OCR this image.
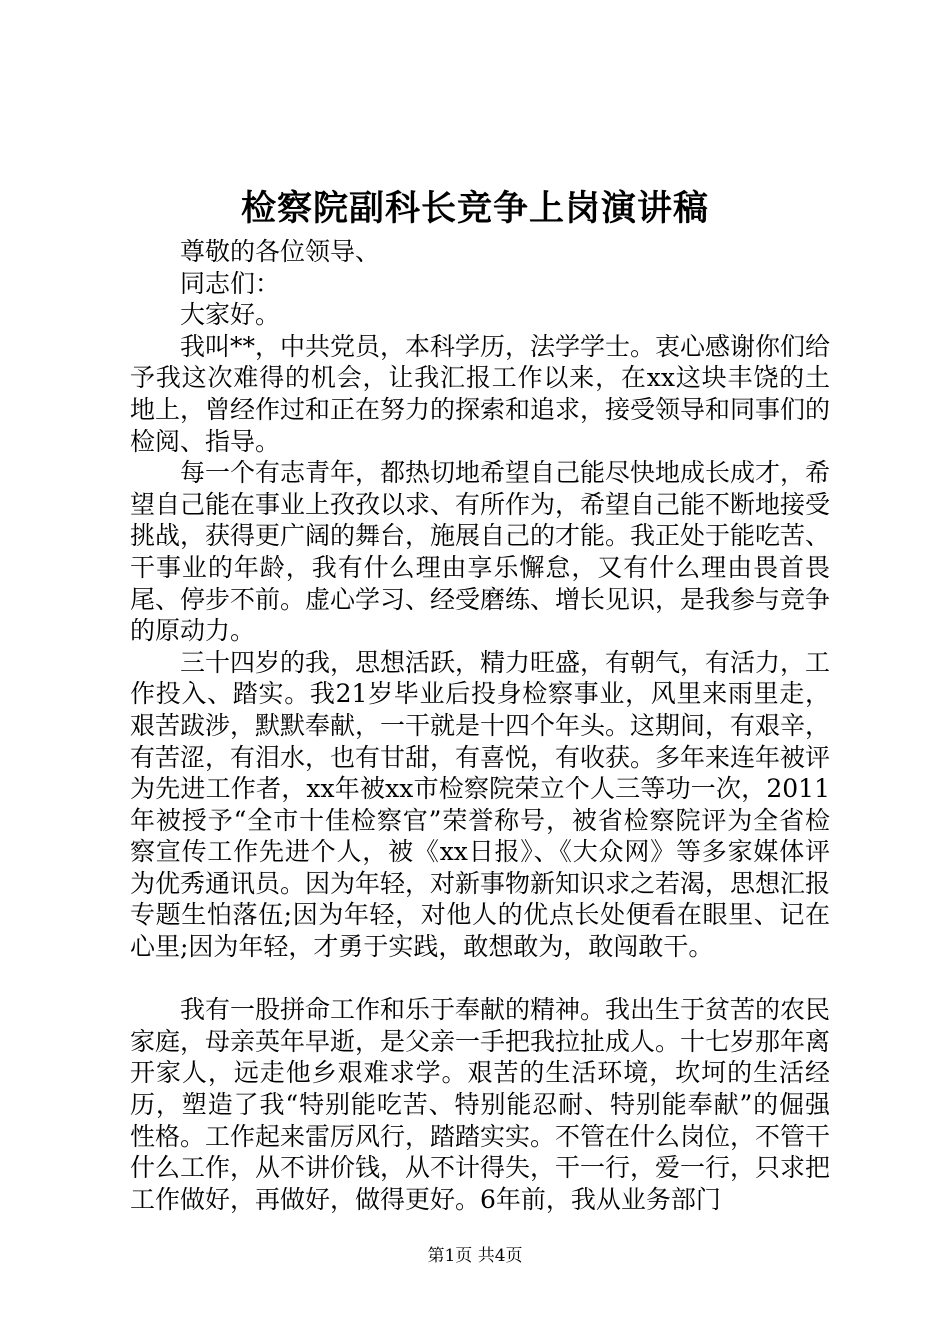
检察院副科长竞争上岗演讲稿

尊敬的各位领导、

同志们：

大家好。

我叫**，中共党员，本科学历，法学学士。衷心感谢你们给予我这次难得的机会，让我汇报工作以来，在xx这块丰饶的土地上，曾经作过和正在努力的探索和追求，接受领导和同事们的检阅、指导。

每一个有志青年，都热切地希望自己能尽快地成长成才，希望自己能在事业上孜孜以求、有所作为，希望自己能不断地接受挑战，获得更广阔的舞台，施展自己的才能。我正处于能吃苦、干事业的年龄，我有什么理由享乐懈怠，又有什么理由畏首畏尾、停步不前。虚心学习、经受磨练、增长见识，是我参与竞争的原动力。

三十四岁的我，思想活跃，精力旺盛，有朝气，有活力，工作投入、踏实。我21岁毕业后投身检察事业，风里来雨里走，艰苦跋涉，默默奉献，一干就是十四个年头。这期间，有艰辛，有苦涩，有泪水，也有甘甜，有喜悦，有收获。多年来连年被评为先进工作者，xx年被xx市检察院荣立个人三等功一次，2011年被授予“全市十佳检察官”荣誉称号，被省检察院评为全省检察宣传工作先进个人，被《xx日报》、《大众网》等多家媒体评为优秀通讯员。因为年轻，对新事物新知识求之若渴，思想汇报专题生怕落伍;因为年轻，对他人的优点长处便看在眼里、记在心里;因为年轻，才勇于实践，敢想敢为，敢闯敢干。

我有一股拼命工作和乐于奉献的精神。我出生于贫苦的农民家庭，母亲英年早逝，是父亲一手把我拉扯成人。十七岁那年离开家人，远走他乡艰难求学。艰苦的生活环境，坎坷的生活经历，塑造了我“特别能吃苦、特别能忍耐、特别能奉献”的倔强性格。工作起来雷厉风行，踏踏实实。不管在什么岗位，不管干什么工作，从不讲价钱，从不计得失，干一行，爱一行，只求把工作做好，再做好，做得更好。6年前，我从业务部门

第1页 共4页
